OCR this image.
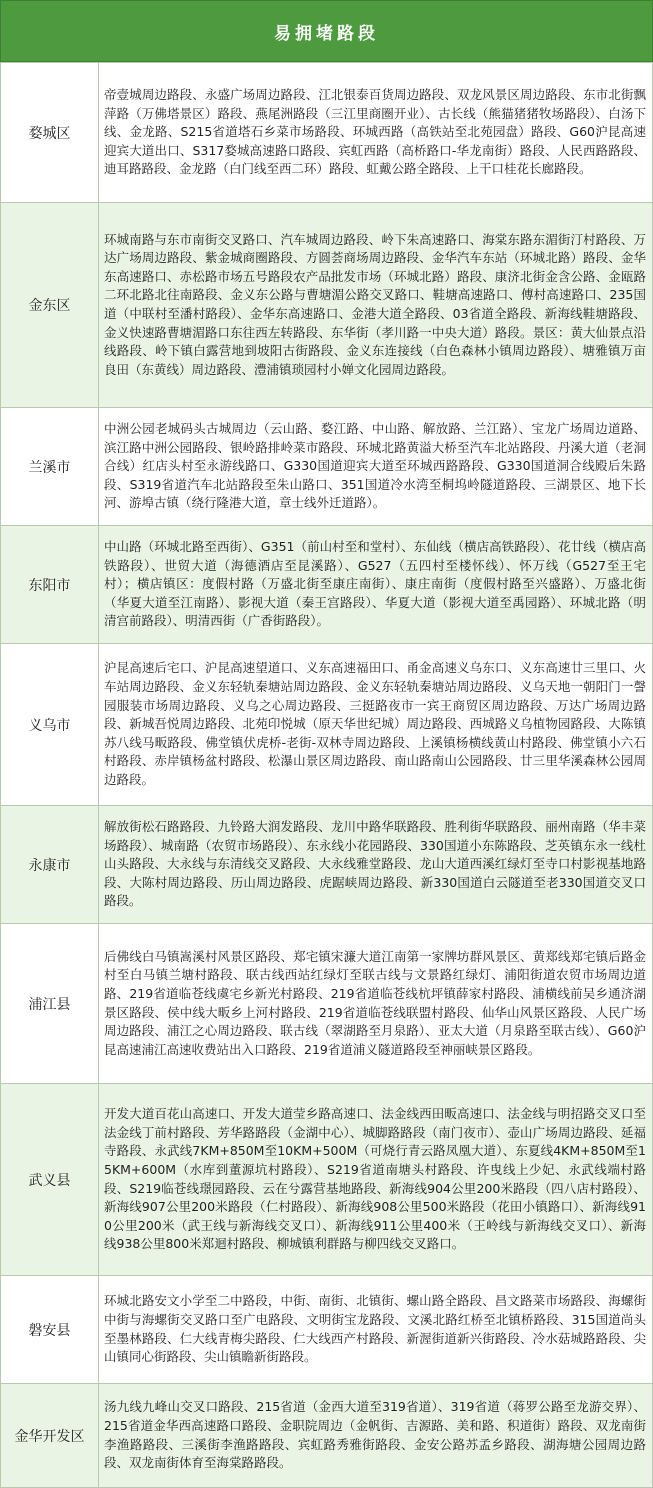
易拥堵路段
婺城区	帝壹城周边路段、永盛广场周边路段、江北银泰百货周边路段、双龙风景区周边路段、东市北街飘萍路（万佛塔景区）路段、燕尾洲路段（三江里商圈开业）、古长线（熊猫猪猪牧场路段）、白汤下线、金龙路、S215省道塔石乡菜市场路段、环城西路（高铁站至北苑园盘）路段、G60沪昆高速迎宾大道出口、S317婺城高速路口路段、宾虹西路（高桥路口-华龙南街）路段、人民西路路段、迪耳路路段、金龙路（白门线至西二环）路段、虹戴公路全路段、上干口桂花长廊路段。
金东区	环城南路与东市南街交叉路口、汽车城周边路段、岭下朱高速路口、海棠东路东湄街汀村路段、万达广场周边路段、紫金城商圈路段、方圆荟商场周边路段、金华汽车东站（环城北路）路段、金华东高速路口、赤松路市场五号路段农产品批发市场（环城北路）路段、康济北街金含公路、金瓯路二环北路北往南路段、金义东公路与曹塘湄公路交叉路口、鞋塘高速路口、傅村高速路口、235国道（中联村至潘村路段）、金华东高速路口、金港大道全路段、03省道全路段、新海线鞋塘路段、金义快速路曹塘湄路口东往西左转路段、东华街（孝川路一中央大道）路段。景区：黄大仙景点沿线路段、岭下镇白露营地到坡阳古街路段、金义东连接线（白色森林小镇周边路段）、塘雅镇万亩良田（东黄线）周边路段、澧浦镇琐园村小婵文化园周边路段。
兰溪市	中洲公园老城码头古城周边（云山路、婺江路、中山路、解放路、兰江路）、宝龙广场周边道路、滨江路中洲公园路段、银岭路排岭菜市路段、环城北路黄溢大桥至汽车北站路段、丹溪大道（老洞合线）红店头村至永游线路口、G330国道迎宾大道至环城西路路段、G330国道洞合线殿后朱路段、S319省道汽车北站路段至朱山路口、351国道冷水湾至桐坞岭隧道路段、三湖景区、地下长河、游埠古镇（绕行隆港大道，章士线外迁道路）。
东阳市	中山路（环城北路至西街）、G351（前山村至和堂村）、东仙线（横店高铁路段）、花廿线（横店高铁路段）、世贸大道（海德酒店至昆溪路）、G527（五四村至楼怀线）、怀万线（G527至王宅村）；横店镇区：度假村路（万盛北街至康庄南街）、康庄南街（度假村路至兴盛路）、万盛北街（华夏大道至江南路）、影视大道（秦王宫路段）、华夏大道（影视大道至禹园路）、环城北路（明清宫前路段）、明清西街（广香街路段）。
义乌市	沪昆高速后宅口、沪昆高速望道口、义东高速福田口、甬金高速义乌东口、义东高速廿三里口、火车站周边路段、金义东轻轨秦塘站周边路段、金义东轻轨秦塘站周边路段、义乌天地一朝阳门一謦园服装市场周边路段、义乌之心周边路段、三挺路夜市一宾王商贸区周边路段、万达广场周边路段、新城吾悦周边路段、北苑印悦城（原天华世纪城）周边路段、西城路义乌植物园路段、大陈镇苏八线马畈路段、佛堂镇伏虎桥-老街-双林寺周边路段、上溪镇杨横线黄山村路段、佛堂镇小六石村路段、赤岸镇杨盆村路段、松瀑山景区周边路段、南山路南山公园路段、廿三里华溪森林公园周边路段。
永康市	解放街松石路路段、九铃路大润发路段、龙川中路华联路段、胜利街华联路段、丽州南路（华丰菜场路段）、城南路（农贸市场路段）、东永线小花园路段、330国道小东陈路段、芝英镇东永一线杜山头路段、大永线与东清线交叉路段、大永线雅堂路段、龙山大道西溪红绿灯至寺口村影视基地路段、大陈村周边路段、历山周边路段、虎踞峡周边路段、新330国道白云隧道至老330国道交叉口路段。
浦江县	后佛线白马镇嵩溪村风景区路段、郑宅镇宋濂大道江南第一家牌坊群风景区、黄郑线郑宅镇后路金村至白马镇兰塘村路段、联古线西站红绿灯至联古线与文景路红绿灯、浦阳街道农贸市场周边道路、219省道临苍线虞宅乡新光村路段、219省道临苍线杭坪镇薛家村路段、浦横线前吴乡通济湖景区路段、侯中线大畈乡上河村路段、219省道临苍线联盟村路段、仙华山风景区路段、人民广场周边路段、浦江之心周边路段、联古线（翠湖路至月泉路）、亚太大道（月泉路至联古线）、G60沪昆高速浦江高速收费站出入口路段、219省道浦义隧道路段至神丽峡景区路段。
武义县	开发大道百花山高速口、开发大道莹乡路高速口、法金线西田畈高速口、法金线与明招路交叉口至法金线丁前村路段、芳华路路段（金湖中心）、城脚路路段（南门夜市）、壶山广场周边路段、延福寺路段、永武线7KM+850M至10KM+500M（可烧行青云路凤凰大道）、东夏线4KM+850M至15KM+600M（水库到董源坑村路段）、S219省道南塘头村路段、许曳线上少妃、永武线端村路段、S219临苍线璟园路段、云在兮露营基地路段、新海线904公里200米路段（四八店村路段）、新海线907公里200米路段（仁村路段）、新海线908公里500米路段（花田小镇路口）、新海线910公里200米（武王线与新海线交叉口）、新海线911公里400米（王岭线与新海线交叉口）、新海线938公里800米郑迴村路段、柳城镇利群路与柳四线交叉路口。
磐安县	环城北路安文小学至二中路段，中街、南街、北镇街、螺山路全路段、昌文路菜市场路段、海螺街中街与海螺街交叉路口至广电路段、文明街宝龙路段、文溪北路红桥至北镇桥路段、315国道尚头至墨林路段、仁大线青梅尖路段、仁大线西产村路段、新渥街道新兴街路段、冷水菇城路路段、尖山镇同心街路段、尖山镇瞻新街路段。
金华开发区	汤九线九峰山交叉口路段、215省道（金西大道至319省道）、319省道（蒋罗公路至龙游交界）、215省道金华西高速路口路段、金职院周边（金帆街、吉源路、美和路、积道街）路段、双龙南街李渔路路段、三溪街李渔路路段、宾虹路秀雅街路段、金安公路苏孟乡路段、湖海塘公园周边路段、双龙南街体育至海棠路路段。
